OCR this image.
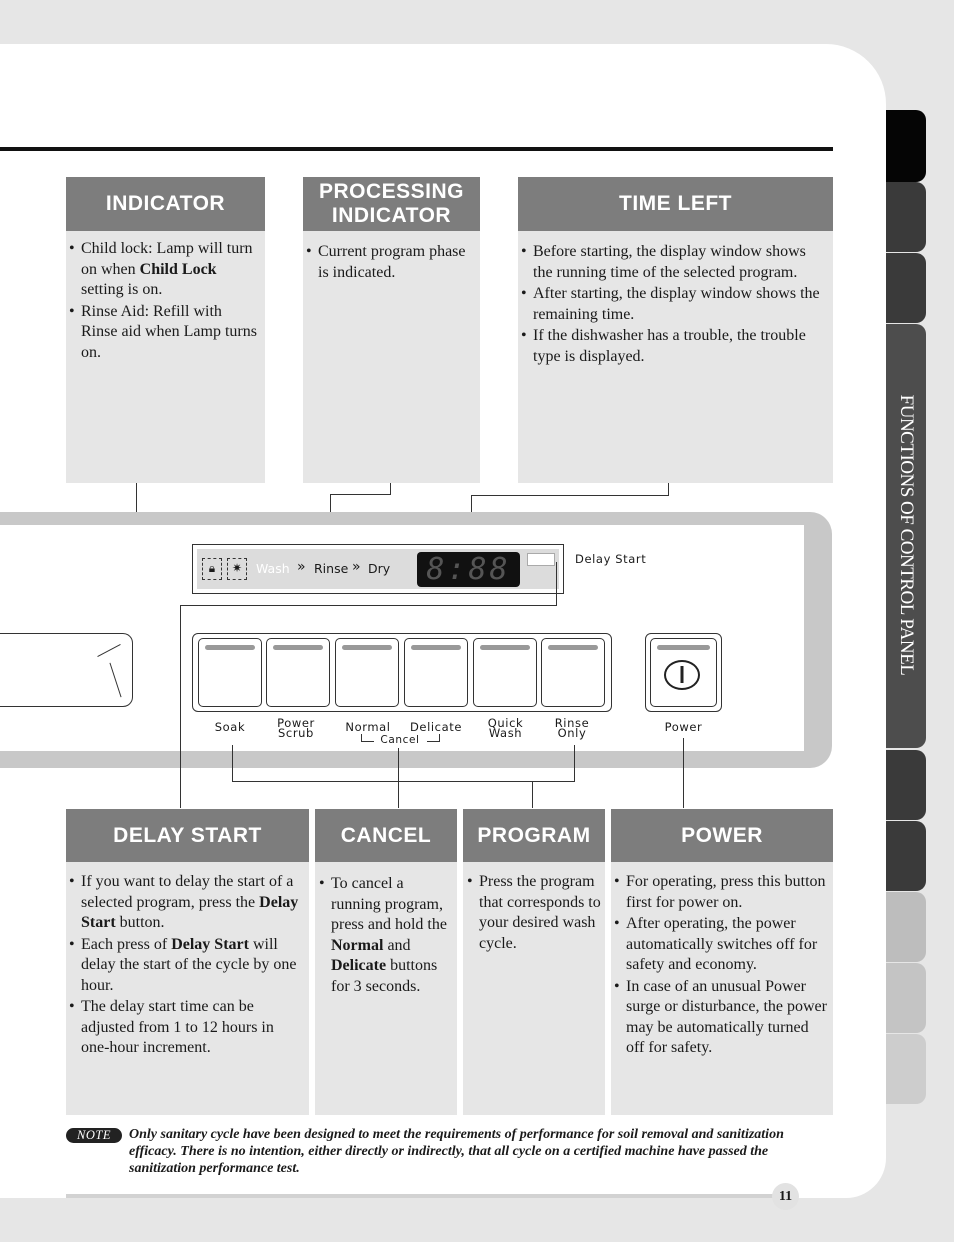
FUNCTIONS OF CONTROL PANEL
INDICATOR
• Child lock: Lamp will turn on when Child Lock setting is on.
• Rinse Aid: Refill with Rinse aid when Lamp turns on.
PROCESSING
INDICATOR
• Current program phase is indicated.
TIME LEFT
• Before starting, the display window shows the running time of the selected program.
• After starting, the display window shows the remaining time.
• If the dishwasher has a trouble, the trouble type is displayed.
🔒︎	✷	Wash » Rinse » Dry	8:88	Delay Start
Soak	Power Scrub	Normal	Delicate	Quick Wash
Rinse Only
Cancel
Power
DELAY START
• If you want to delay the start of a selected program, press the Delay Start button.
• Each press of Delay Start will delay the start of the cycle by one hour.
• The delay start time can be adjusted from 1 to 12 hours in one-hour increment.
CANCEL
• To cancel a running program, press and hold the Normal and Delicate buttons for 3 seconds.
PROGRAM
• Press the program that corresponds to your desired wash cycle.
POWER
• For operating, press this button first for power on.
• After operating, the power automatically switches off for safety and economy.
• In case of an unusual Power surge or disturbance, the power may be automatically turned off for safety.
NOTE	Only sanitary cycle have been designed to meet the requirements of performance for soil removal and sanitization efficacy. There is no intention, either directly or indirectly, that all cycle on a certified machine have passed the sanitization performance test.
11
